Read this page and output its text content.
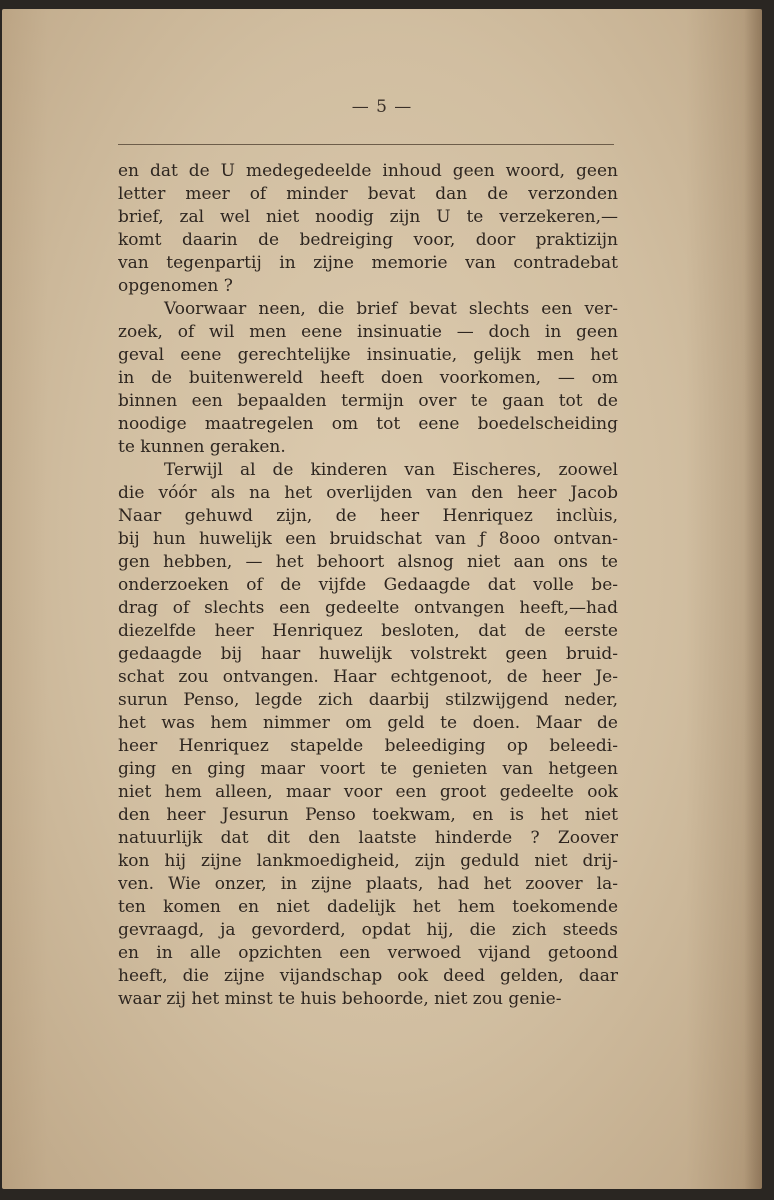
— 5 —
en dat de U medegedeelde inhoud geen woord, geen
letter meer of minder bevat dan de verzonden
brief, zal wel niet noodig zijn U te verzekeren,—
komt daarin de bedreiging voor, door praktizijn
van tegenpartij in zijne memorie van contradebat
opgenomen ?
Voorwaar neen, die brief bevat slechts een ver-
zoek, of wil men eene insinuatie — doch in geen
geval eene gerechtelijke insinuatie, gelijk men het
in de buitenwereld heeft doen voorkomen, — om
binnen een bepaalden termijn over te gaan tot de
noodige maatregelen om tot eene boedelscheiding
te kunnen geraken.
Terwijl al de kinderen van Eischeres, zoowel
die vóór als na het overlijden van den heer Jacob
Naar gehuwd zijn, de heer Henriquez inclùis,
bij hun huwelijk een bruidschat van ƒ 8ooo ontvan-
gen hebben, — het behoort alsnog niet aan ons te
onderzoeken of de vijfde Gedaagde dat volle be-
drag of slechts een gedeelte ontvangen heeft,—had
diezelfde heer Henriquez besloten, dat de eerste
gedaagde bij haar huwelijk volstrekt geen bruid-
schat zou ontvangen. Haar echtgenoot, de heer Je-
surun Penso, legde zich daarbij stilzwijgend neder,
het was hem nimmer om geld te doen. Maar de
heer Henriquez stapelde beleediging op beleedi-
ging en ging maar voort te genieten van hetgeen
niet hem alleen, maar voor een groot gedeelte ook
den heer Jesurun Penso toekwam, en is het niet
natuurlijk dat dit den laatste hinderde ? Zoover
kon hij zijne lankmoedigheid, zijn geduld niet drij-
ven. Wie onzer, in zijne plaats, had het zoover la-
ten komen en niet dadelijk het hem toekomende
gevraagd, ja gevorderd, opdat hij, die zich steeds
en in alle opzichten een verwoed vijand getoond
heeft, die zijne vijandschap ook deed gelden, daar
waar zij het minst te huis behoorde, niet zou genie-
